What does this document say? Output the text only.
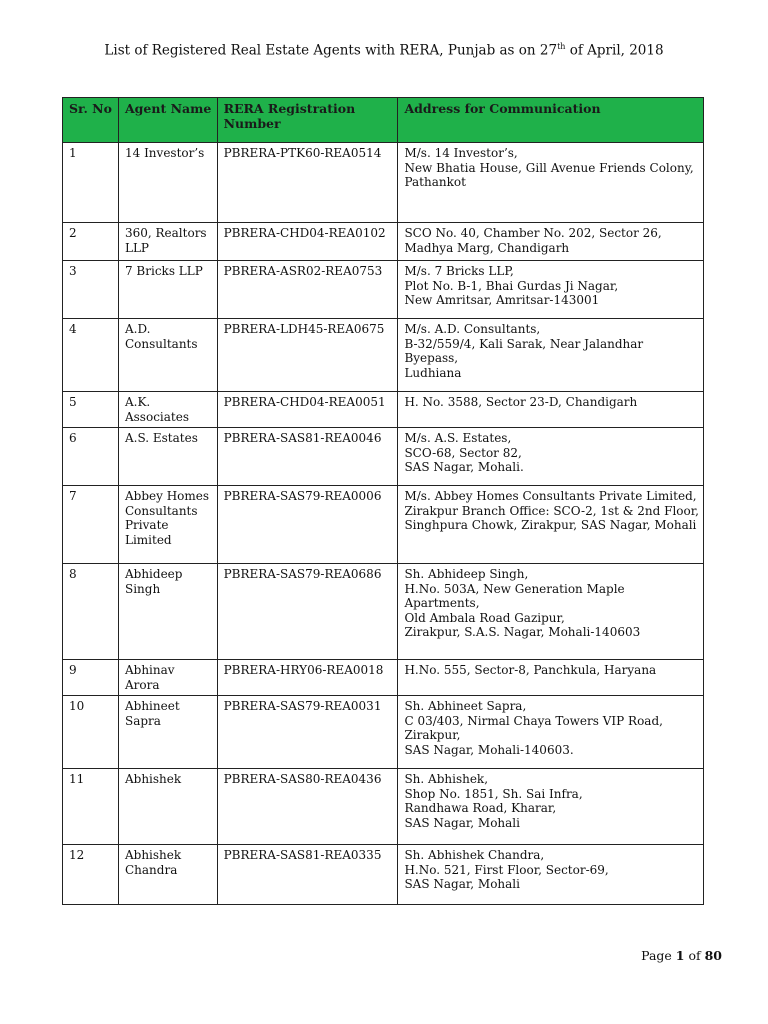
List of Registered Real Estate Agents with RERA, Punjab as on 27th of April, 2018
Sr. No	Agent Name	RERA Registration Number	Address for Communication
1	14 Investor’s	PBRERA-PTK60-REA0514	M/s. 14 Investor’s,
New Bhatia House, Gill Avenue Friends Colony,
Pathankot

2	360, Realtors LLP	PBRERA-CHD04-REA0102	SCO No. 40, Chamber No. 202, Sector 26,
Madhya Marg, Chandigarh

3	7 Bricks LLP	PBRERA-ASR02-REA0753	M/s. 7 Bricks LLP,
Plot No. B-1, Bhai Gurdas Ji Nagar,
New Amritsar, Amritsar-143001

4	A.D. Consultants	PBRERA-LDH45-REA0675	M/s. A.D. Consultants,
B-32/559/4, Kali Sarak, Near Jalandhar
Byepass,
Ludhiana

5	A.K. Associates	PBRERA-CHD04-REA0051	H. No. 3588, Sector 23-D, Chandigarh

6	A.S. Estates	PBRERA-SAS81-REA0046	M/s. A.S. Estates,
SCO-68, Sector 82,
SAS Nagar, Mohali.

7	Abbey Homes Consultants Private Limited	PBRERA-SAS79-REA0006	M/s. Abbey Homes Consultants Private Limited,
Zirakpur Branch Office: SCO-2, 1st & 2nd Floor,
Singhpura Chowk, Zirakpur, SAS Nagar, Mohali

8	Abhideep Singh	PBRERA-SAS79-REA0686	Sh. Abhideep Singh,
H.No. 503A, New Generation Maple
Apartments,
Old Ambala Road Gazipur,
Zirakpur, S.A.S. Nagar, Mohali-140603

9	Abhinav Arora	PBRERA-HRY06-REA0018	H.No. 555, Sector-8, Panchkula, Haryana

10	Abhineet Sapra	PBRERA-SAS79-REA0031	Sh. Abhineet Sapra,
C 03/403, Nirmal Chaya Towers VIP Road,
Zirakpur,
SAS Nagar, Mohali-140603.

11	Abhishek	PBRERA-SAS80-REA0436	Sh. Abhishek,
Shop No. 1851, Sh. Sai Infra,
Randhawa Road, Kharar,
SAS Nagar, Mohali

12	Abhishek Chandra	PBRERA-SAS81-REA0335	Sh. Abhishek Chandra,
H.No. 521, First Floor, Sector-69,
SAS Nagar, Mohali
Page 1 of 80
